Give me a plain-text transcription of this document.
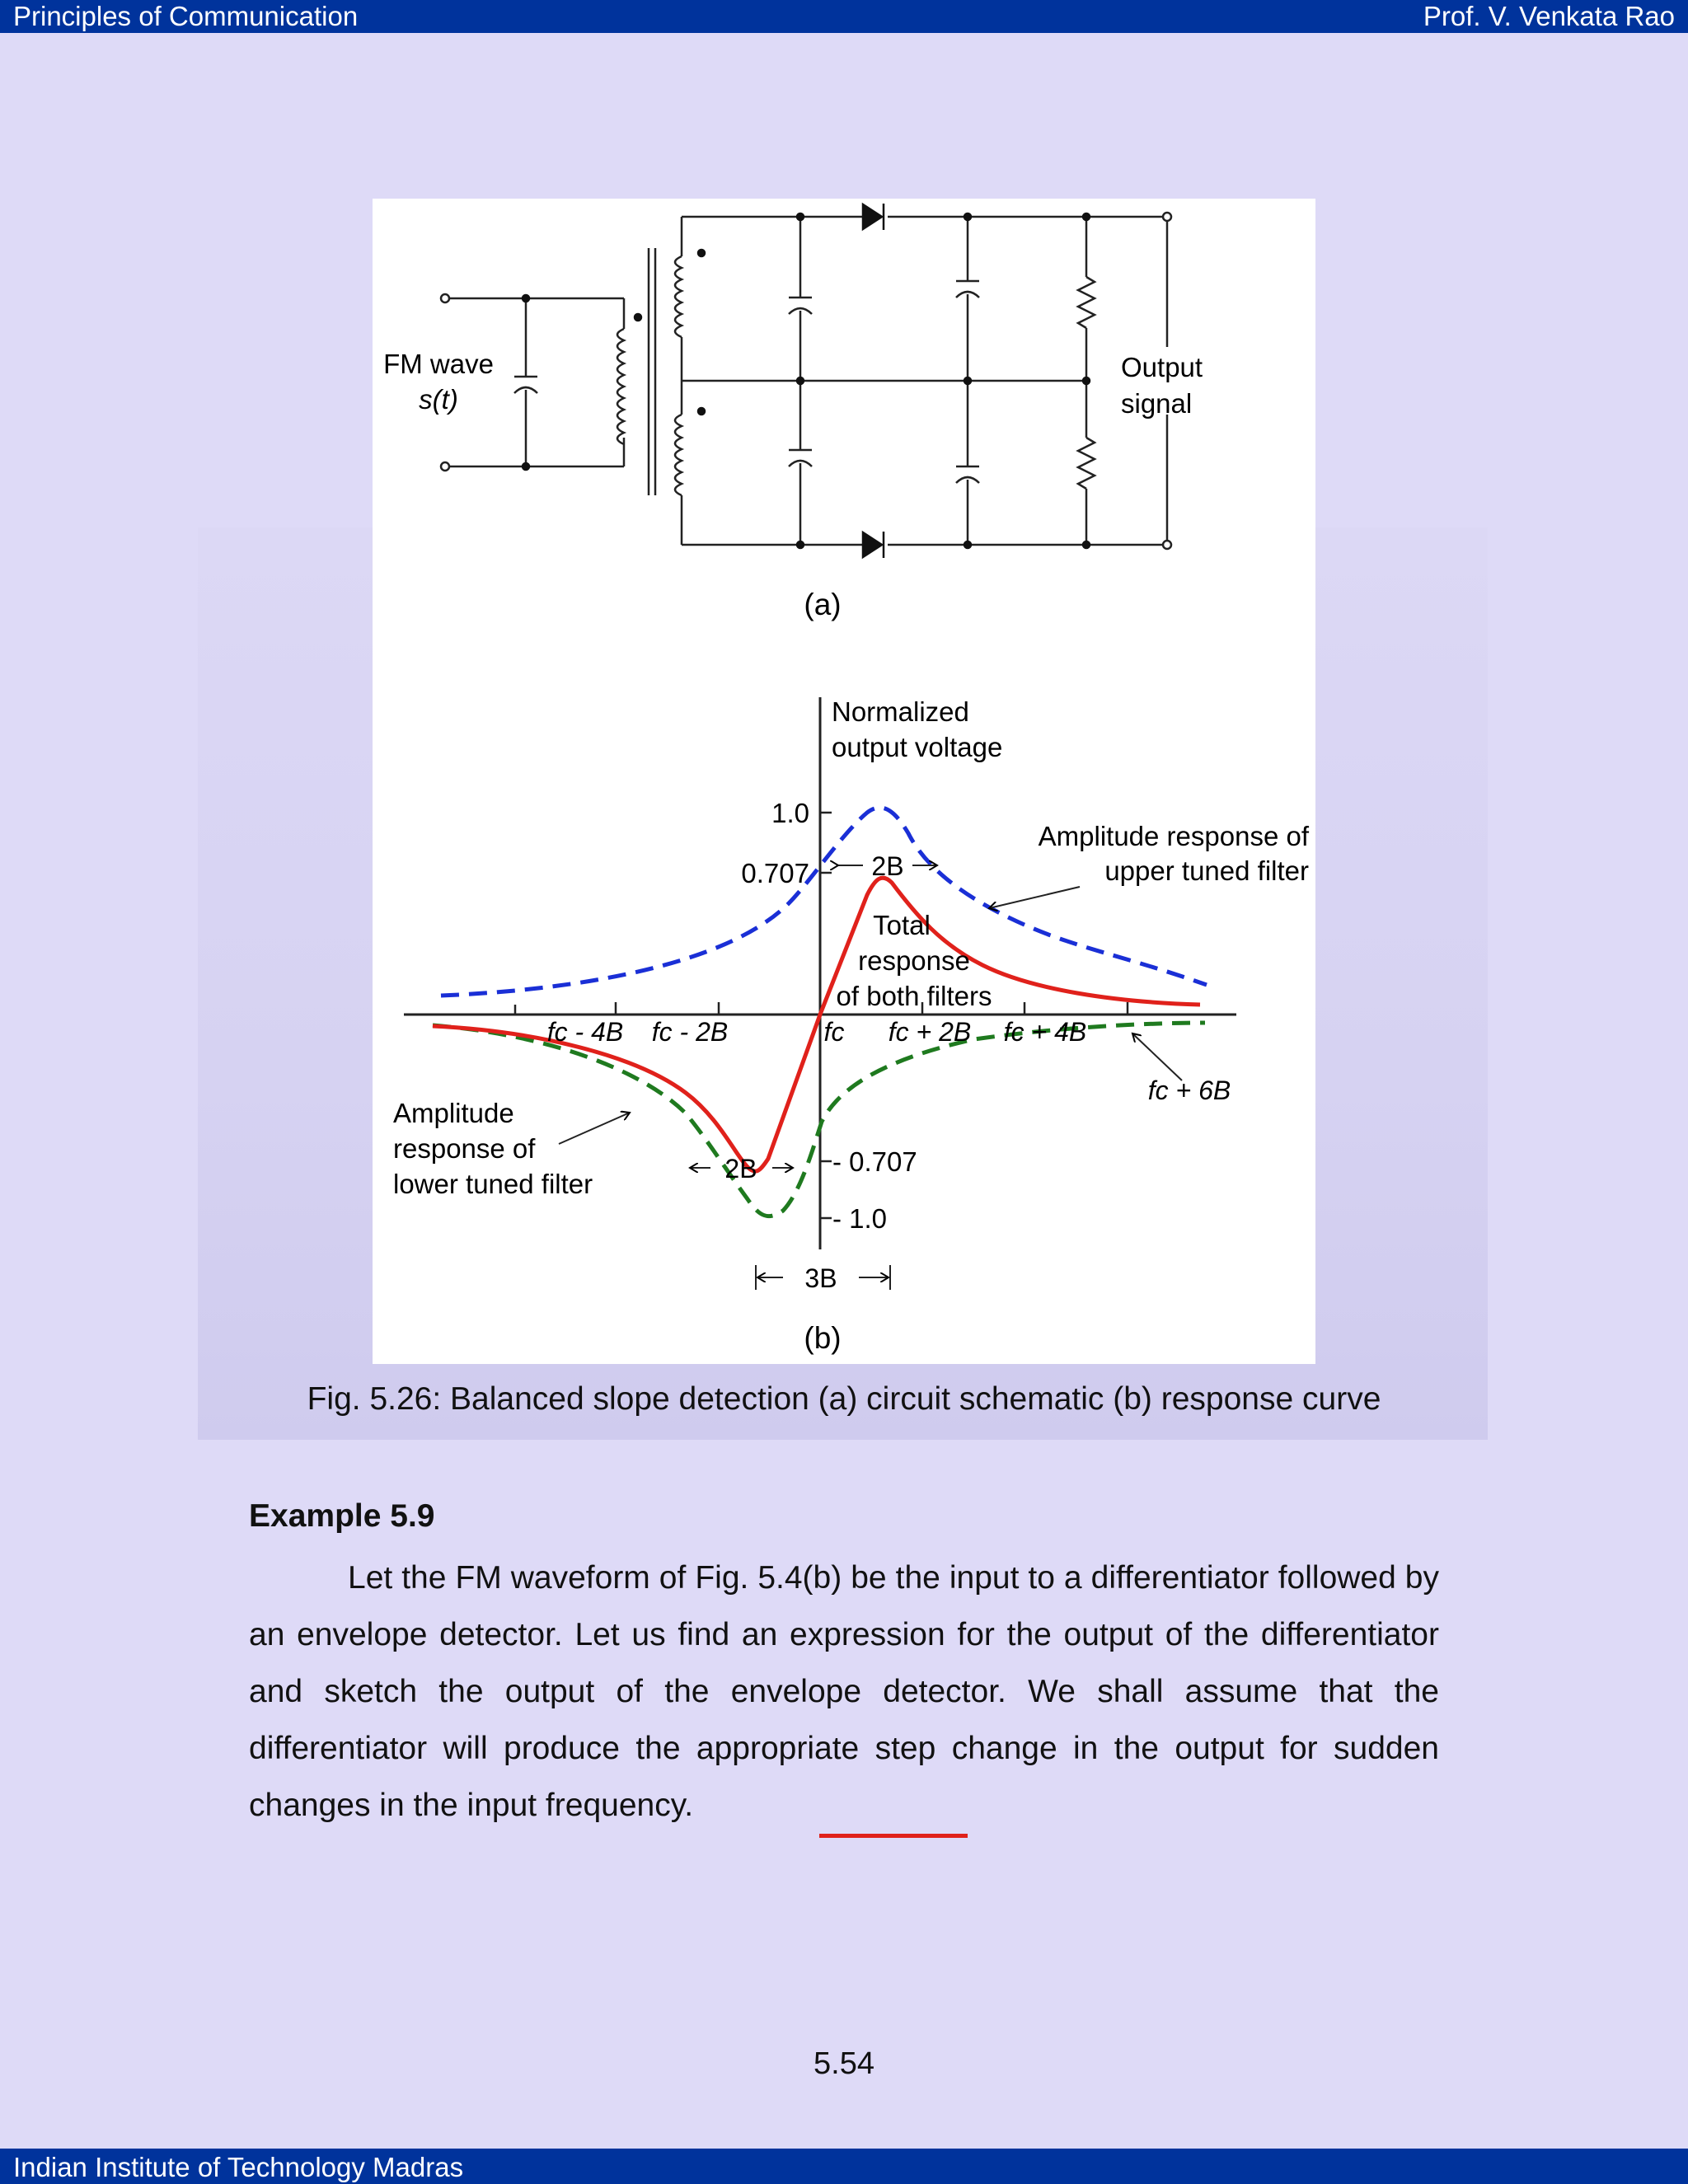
Principles of Communication	Prof. V. Venkata Rao
FM wave
s(t)
Output
signal
(a)
Normalized
output voltage
1.0
0.707
- 0.707
- 1.0
fc - 4B fc - 2B	fc fc + 2B fc + 4B
fc + 6B
Amplitude response of
upper tuned filter
Amplitude
response of
lower tuned filter
Total
response
of both filters
2B
2B
3B
(b)
Fig. 5.26: Balanced slope detection (a) circuit schematic (b) response curve
Example 5.9

Let the FM waveform of Fig. 5.4(b) be the input to a differentiator followed by an envelope detector. Let us find an expression for the output of the differentiator and sketch the output of the envelope detector. We shall assume that the differentiator will produce the appropriate step change in the output for sudden changes in the input frequency.

5.54
Indian Institute of Technology Madras
